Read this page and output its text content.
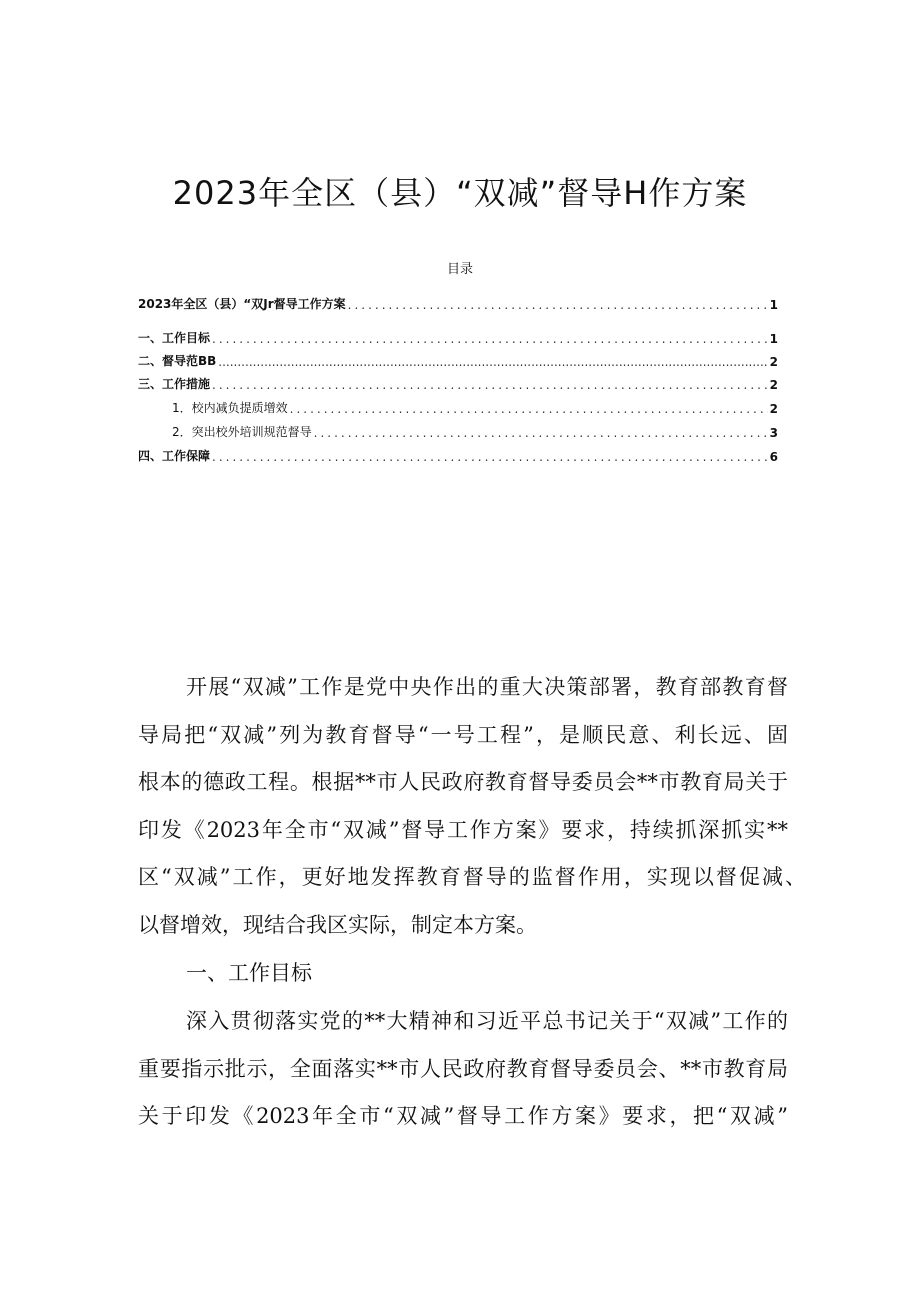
2023年全区（县）“双减”督导H作方案
目录
2023年全区（县）“双Jr督导工作方案 .....	1
一、工作目标 .....	1
二、督导范BB .....	2
三、工作措施 .....	2
1．校内减负提质增效 .....	2
2．突出校外培训规范督导 .....	3
四、工作保障 .....	6
开展“双减”工作是党中央作出的重大决策部署，教育部教育督
导局把“双减”列为教育督导“一号工程”，是顺民意、利长远、固
根本的德政工程。根据**市人民政府教育督导委员会**市教育局关于
印发《2023年全市“双减”督导工作方案》要求，持续抓深抓实**
区“双减”工作，更好地发挥教育督导的监督作用，实现以督促减、
以督增效，现结合我区实际，制定本方案。
一、工作目标
深入贯彻落实党的**大精神和习近平总书记关于“双减”工作的
重要指示批示，全面落实**市人民政府教育督导委员会、**市教育局
关于印发《2023年全市“双减”督导工作方案》要求，把“双减”
